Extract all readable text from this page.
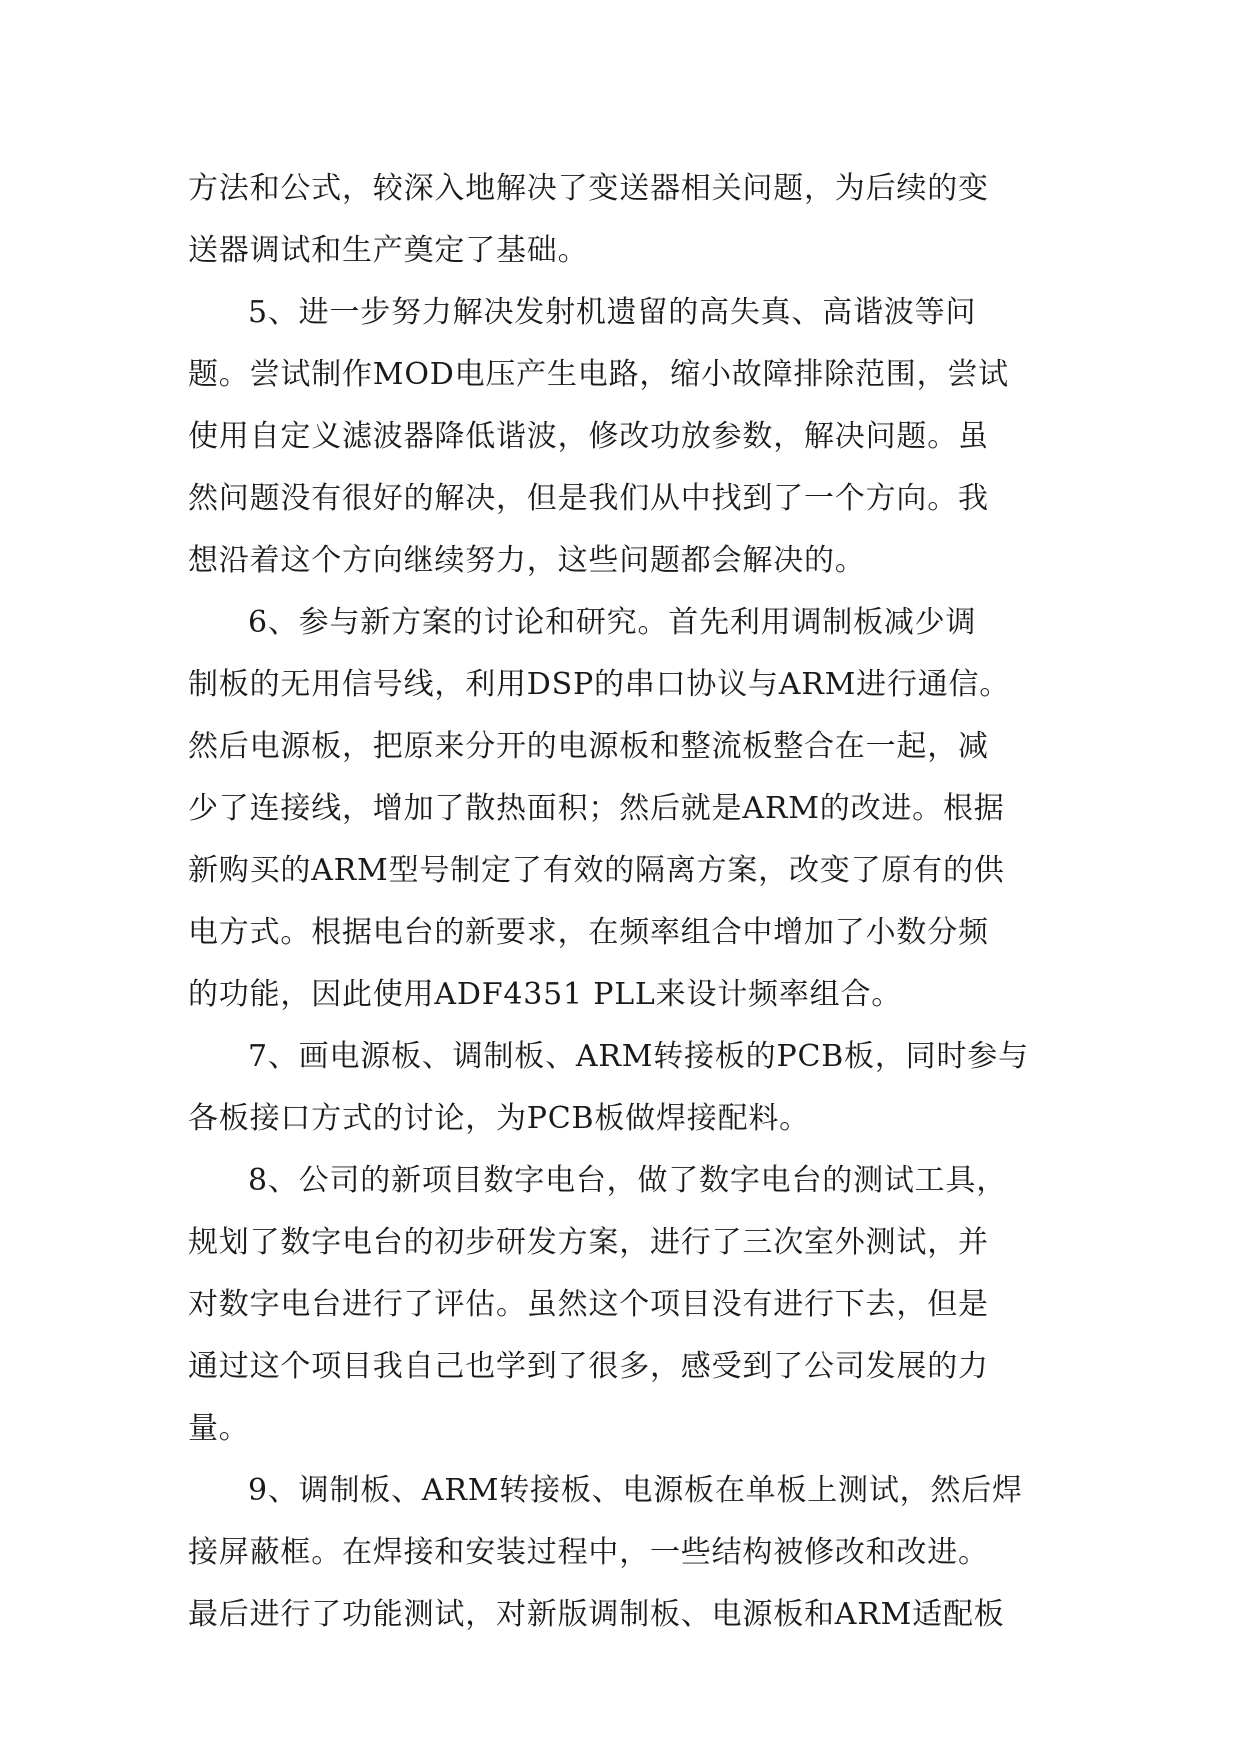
方法和公式，较深入地解决了变送器相关问题，为后续的变
送器调试和生产奠定了基础。
5、进一步努力解决发射机遗留的高失真、高谐波等问
题。尝试制作MOD电压产生电路，缩小故障排除范围，尝试
使用自定义滤波器降低谐波，修改功放参数，解决问题。虽
然问题没有很好的解决，但是我们从中找到了一个方向。我
想沿着这个方向继续努力，这些问题都会解决的。
6、参与新方案的讨论和研究。首先利用调制板减少调
制板的无用信号线，利用DSP的串口协议与ARM进行通信。
然后电源板，把原来分开的电源板和整流板整合在一起，减
少了连接线，增加了散热面积；然后就是ARM的改进。根据
新购买的ARM型号制定了有效的隔离方案，改变了原有的供
电方式。根据电台的新要求，在频率组合中增加了小数分频
的功能，因此使用ADF4351 PLL来设计频率组合。
7、画电源板、调制板、ARM转接板的PCB板，同时参与
各板接口方式的讨论，为PCB板做焊接配料。
8、公司的新项目数字电台，做了数字电台的测试工具，
规划了数字电台的初步研发方案，进行了三次室外测试，并
对数字电台进行了评估。虽然这个项目没有进行下去，但是
通过这个项目我自己也学到了很多，感受到了公司发展的力
量。
9、调制板、ARM转接板、电源板在单板上测试，然后焊
接屏蔽框。在焊接和安装过程中，一些结构被修改和改进。
最后进行了功能测试，对新版调制板、电源板和ARM适配板
